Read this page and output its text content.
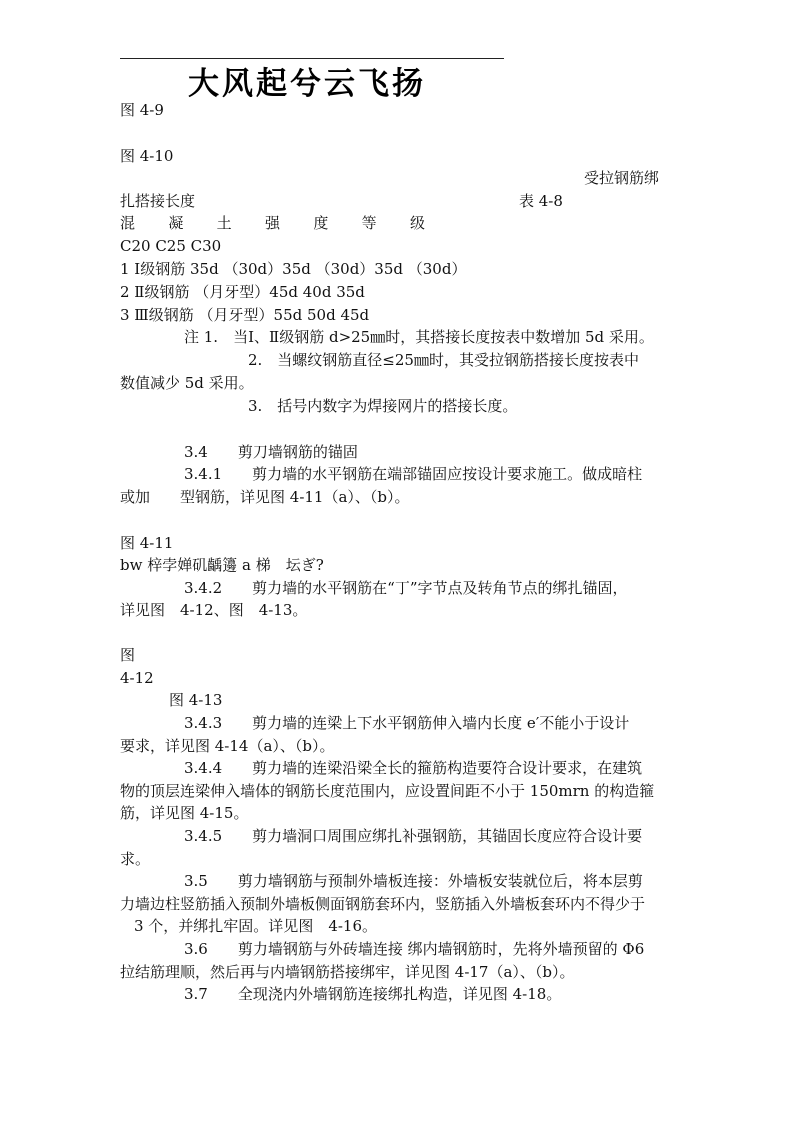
大风起兮云飞扬
图 4-9
图 4-10
受拉钢筋绑
扎搭接长度	表 4-8
混 凝 土 强 度 等 级
C20 C25 C30
1 Ⅰ级钢筋 35d （30d）35d （30d）35d （30d）
2 Ⅱ级钢筋 （月牙型）45d 40d 35d
3 Ⅲ级钢筋 （月牙型）55d 50d 45d
注 1.　当Ⅰ、Ⅱ级钢筋 d>25㎜时，其搭接长度按表中数增加 5d 采用。
2.　当螺纹钢筋直径≤25㎜时，其受拉钢筋搭接长度按表中
数值减少 5d 采用。
3.　括号内数字为焊接网片的搭接长度。
3.4　　剪刀墙钢筋的锚固
3.4.1　　剪力墙的水平钢筋在端部锚固应按设计要求施工。做成暗柱
或加　　型钢筋，详见图 4-11（a）、（b）。
图 4-11
bw 梓孛婵矶齲籩 a 梯　坛ぎ?
3.4.2　　剪力墙的水平钢筋在“丁”字节点及转角节点的绑扎锚固，
详见图　4-12、图　4-13。
图
4-12
图 4-13
3.4.3　　剪力墙的连梁上下水平钢筋伸入墙内长度 e′不能小于设计
要求，详见图 4-14（a）、（b）。
3.4.4　　剪力墙的连梁沿梁全长的箍筋构造要符合设计要求，在建筑
物的顶层连梁伸入墙体的钢筋长度范围内，应设置间距不小于 150mrn 的构造箍
筋，详见图 4-15。
3.4.5　　剪力墙洞口周围应绑扎补强钢筋，其锚固长度应符合设计要
求。
3.5　　剪力墙钢筋与预制外墙板连接：外墙板安装就位后，将本层剪
力墙边柱竖筋插入预制外墙板侧面钢筋套环内，竖筋插入外墙板套环内不得少于
3 个，并绑扎牢固。详见图　4-16。
3.6　　剪力墙钢筋与外砖墙连接 绑内墙钢筋时，先将外墙预留的 Φ6
拉结筋理顺，然后再与内墙钢筋搭接绑牢，详见图 4-17（a）、（b）。
3.7　　全现浇内外墙钢筋连接绑扎构造，详见图 4-18。
